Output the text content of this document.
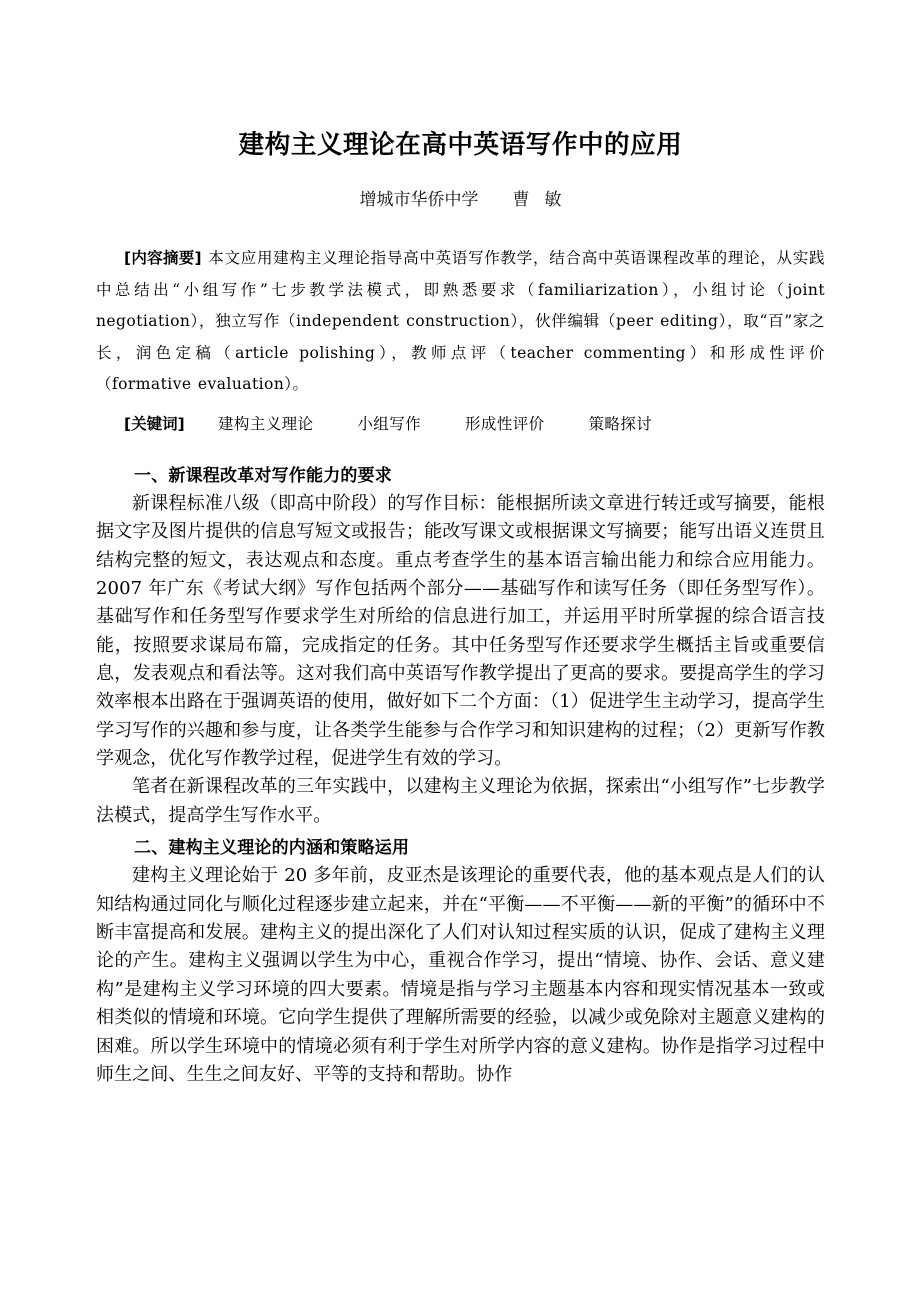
建构主义理论在高中英语写作中的应用

增城市华侨中学 曹 敏

[内容摘要] 本文应用建构主义理论指导高中英语写作教学，结合高中英语课程改革的理论，从实践中总结出“小组写作”七步教学法模式，即熟悉要求（familiarization），小组讨论（joint negotiation），独立写作（independent construction），伙伴编辑（peer editing），取“百”家之长，润色定稿（article polishing），教师点评（teacher commenting）和形成性评价（formative evaluation）。

[关键词] 建构主义理论	小组写作	形成性评价	策略探讨

一、新课程改革对写作能力的要求

新课程标准八级（即高中阶段）的写作目标：能根据所读文章进行转迁或写摘要，能根据文字及图片提供的信息写短文或报告；能改写课文或根据课文写摘要；能写出语义连贯且结构完整的短文，表达观点和态度。重点考查学生的基本语言输出能力和综合应用能力。2007 年广东《考试大纲》写作包括两个部分——基础写作和读写任务（即任务型写作）。基础写作和任务型写作要求学生对所给的信息进行加工，并运用平时所掌握的综合语言技能，按照要求谋局布篇，完成指定的任务。其中任务型写作还要求学生概括主旨或重要信息，发表观点和看法等。这对我们高中英语写作教学提出了更高的要求。要提高学生的学习效率根本出路在于强调英语的使用，做好如下二个方面：（1）促进学生主动学习，提高学生学习写作的兴趣和参与度，让各类学生能参与合作学习和知识建构的过程；（2）更新写作教学观念，优化写作教学过程，促进学生有效的学习。

笔者在新课程改革的三年实践中，以建构主义理论为依据，探索出“小组写作”七步教学法模式，提高学生写作水平。

二、建构主义理论的内涵和策略运用

建构主义理论始于 20 多年前，皮亚杰是该理论的重要代表，他的基本观点是人们的认知结构通过同化与顺化过程逐步建立起来，并在“平衡——不平衡——新的平衡”的循环中不断丰富提高和发展。建构主义的提出深化了人们对认知过程实质的认识，促成了建构主义理论的产生。建构主义强调以学生为中心，重视合作学习，提出“情境、协作、会话、意义建构”是建构主义学习环境的四大要素。情境是指与学习主题基本内容和现实情况基本一致或相类似的情境和环境。它向学生提供了理解所需要的经验，以减少或免除对主题意义建构的困难。所以学生环境中的情境必须有利于学生对所学内容的意义建构。协作是指学习过程中师生之间、生生之间友好、平等的支持和帮助。协作
